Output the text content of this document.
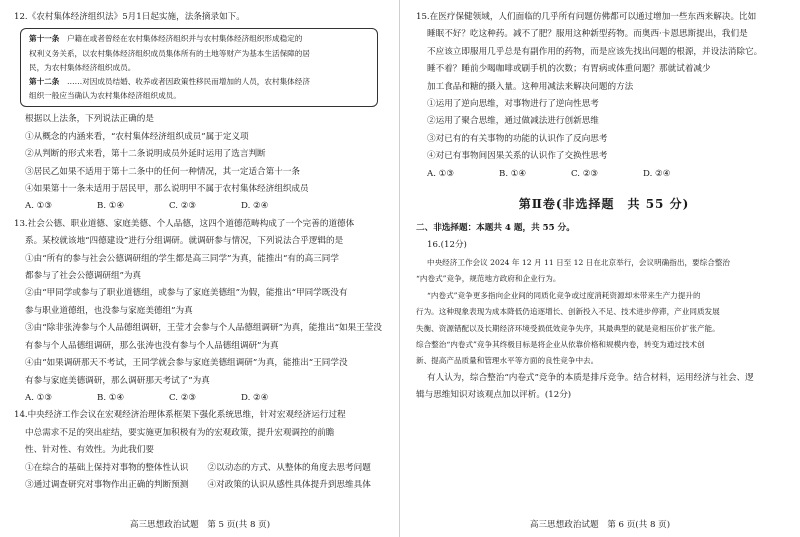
12.《农村集体经济组织法》5月1日起实施，法条摘录如下。
第十一条　 户籍在或者曾经在农村集体经济组织并与农村集体经济组织形成稳定的
权利义务关系，以农村集体经济组织成员集体所有的土地等财产为基本生活保障的居
民，为农村集体经济组织成员。
第十二条　 ……对因成员结婚、收养或者因政策性移民而增加的人员，农村集体经济
组织一般应当确认为农村集体经济组织成员。
根据以上法条，下列说法正确的是
①从概念的内涵来看，“农村集体经济组织成员”属于定义项
②从判断的形式来看，第十二条说明成员外延时运用了选言判断
③居民乙如果不适用于第十二条中的任何一种情况，其一定适合第十一条
④如果第十一条未适用于居民甲，那么说明甲不属于农村集体经济组织成员
A. ①③	B. ①④	C. ②③	D. ②④
13.社会公德、职业道德、家庭美德、个人品德，这四个道德范畴构成了一个完善的道德体
系。某校就该地“四德建设”进行分组调研。就调研参与情况，下列说法合乎逻辑的是
①由“所有的参与社会公德调研组的学生都是高三同学”为真，能推出“有的高三同学
都参与了社会公德调研组”为真
②由“甲同学或参与了职业道德组，或参与了家庭美德组”为假，能推出“甲同学既没有
参与职业道德组，也没参与家庭美德组”为真
③由“除非张涛参与个人品德组调研，王莹才会参与个人品德组调研”为真，能推出“如果王莹没有参与个人品德组调研，那么张涛也没有参与个人品德组调研”为真
④由“如果调研那天不考试，王同学就会参与家庭美德组调研”为真，能推出“王同学没
有参与家庭美德调研，那么调研那天考试了”为真
A. ①③	B. ①④	C. ②③	D. ②④
14.中央经济工作会议在宏观经济治理体系框架下强化系统思维，针对宏观经济运行过程
中总需求不足的突出症结，要实施更加积极有为的宏观政策，提升宏观调控的前瞻
性、针对性、有效性。为此我们要
①在综合的基础上保持对事物的整体性认识	②以动态的方式、从整体的角度去思考问题
③通过调查研究对事物作出正确的判断预测	④对政策的认识从感性具体提升到思维具体
高三思想政治试题　第 5 页(共 8 页)
15.在医疗保健领域，人们面临的几乎所有问题仿佛都可以通过增加一些东西来解决。比如
睡眠不好？吃这种药。减不了肥？服用这种新型药物。而奥西·卡恩思斯提出，我们是
不应该立即服用几乎总是有副作用的药物，而是应该先找出问题的根源，并设法消除它。
睡不着？睡前少喝咖啡或刷手机的次数；有胃病或体重问题？那就试着减少
加工食品和糖的摄入量。这种用减法来解决问题的方法
①运用了逆向思维，对事物进行了逆向性思考
②运用了聚合思维，通过做减法进行创新思维
③对已有的有关事物的功能的认识作了反向思考
④对已有事物间因果关系的认识作了交换性思考
A. ①③	B. ①④	C. ②③	D. ②④
第Ⅱ卷(非选择题　共 55 分)
二、非选择题：本题共 4 题，共 55 分。
16.(12分)
中央经济工作会议 2024 年 12 月 11 日至 12 日在北京举行，会议明确指出，要综合整治
“内卷式”竞争，规范地方政府和企业行为。
“内卷式”竞争更多指向企业间的同质化竞争或过度消耗资源却未带来生产力提升的
行为。这种现象表现为成本降低仍追逐增长、创新投入不足、技术进步停滞，产业同质发展
失衡、资源错配以及长期经济环境受损低效竞争失序，其最典型的就是竞相压价扩张产能。
综合整治“内卷式”竞争其终极目标是将企业从依靠价格和规模内卷，转变为通过技术创
新、提高产品质量和管理水平等方面的良性竞争中去。
有人认为，综合整治“内卷式”竞争的本质是排斥竞争。结合材料，运用经济与社会、逻
辑与思维知识对该观点加以评析。(12分)
高三思想政治试题　第 6 页(共 8 页)
